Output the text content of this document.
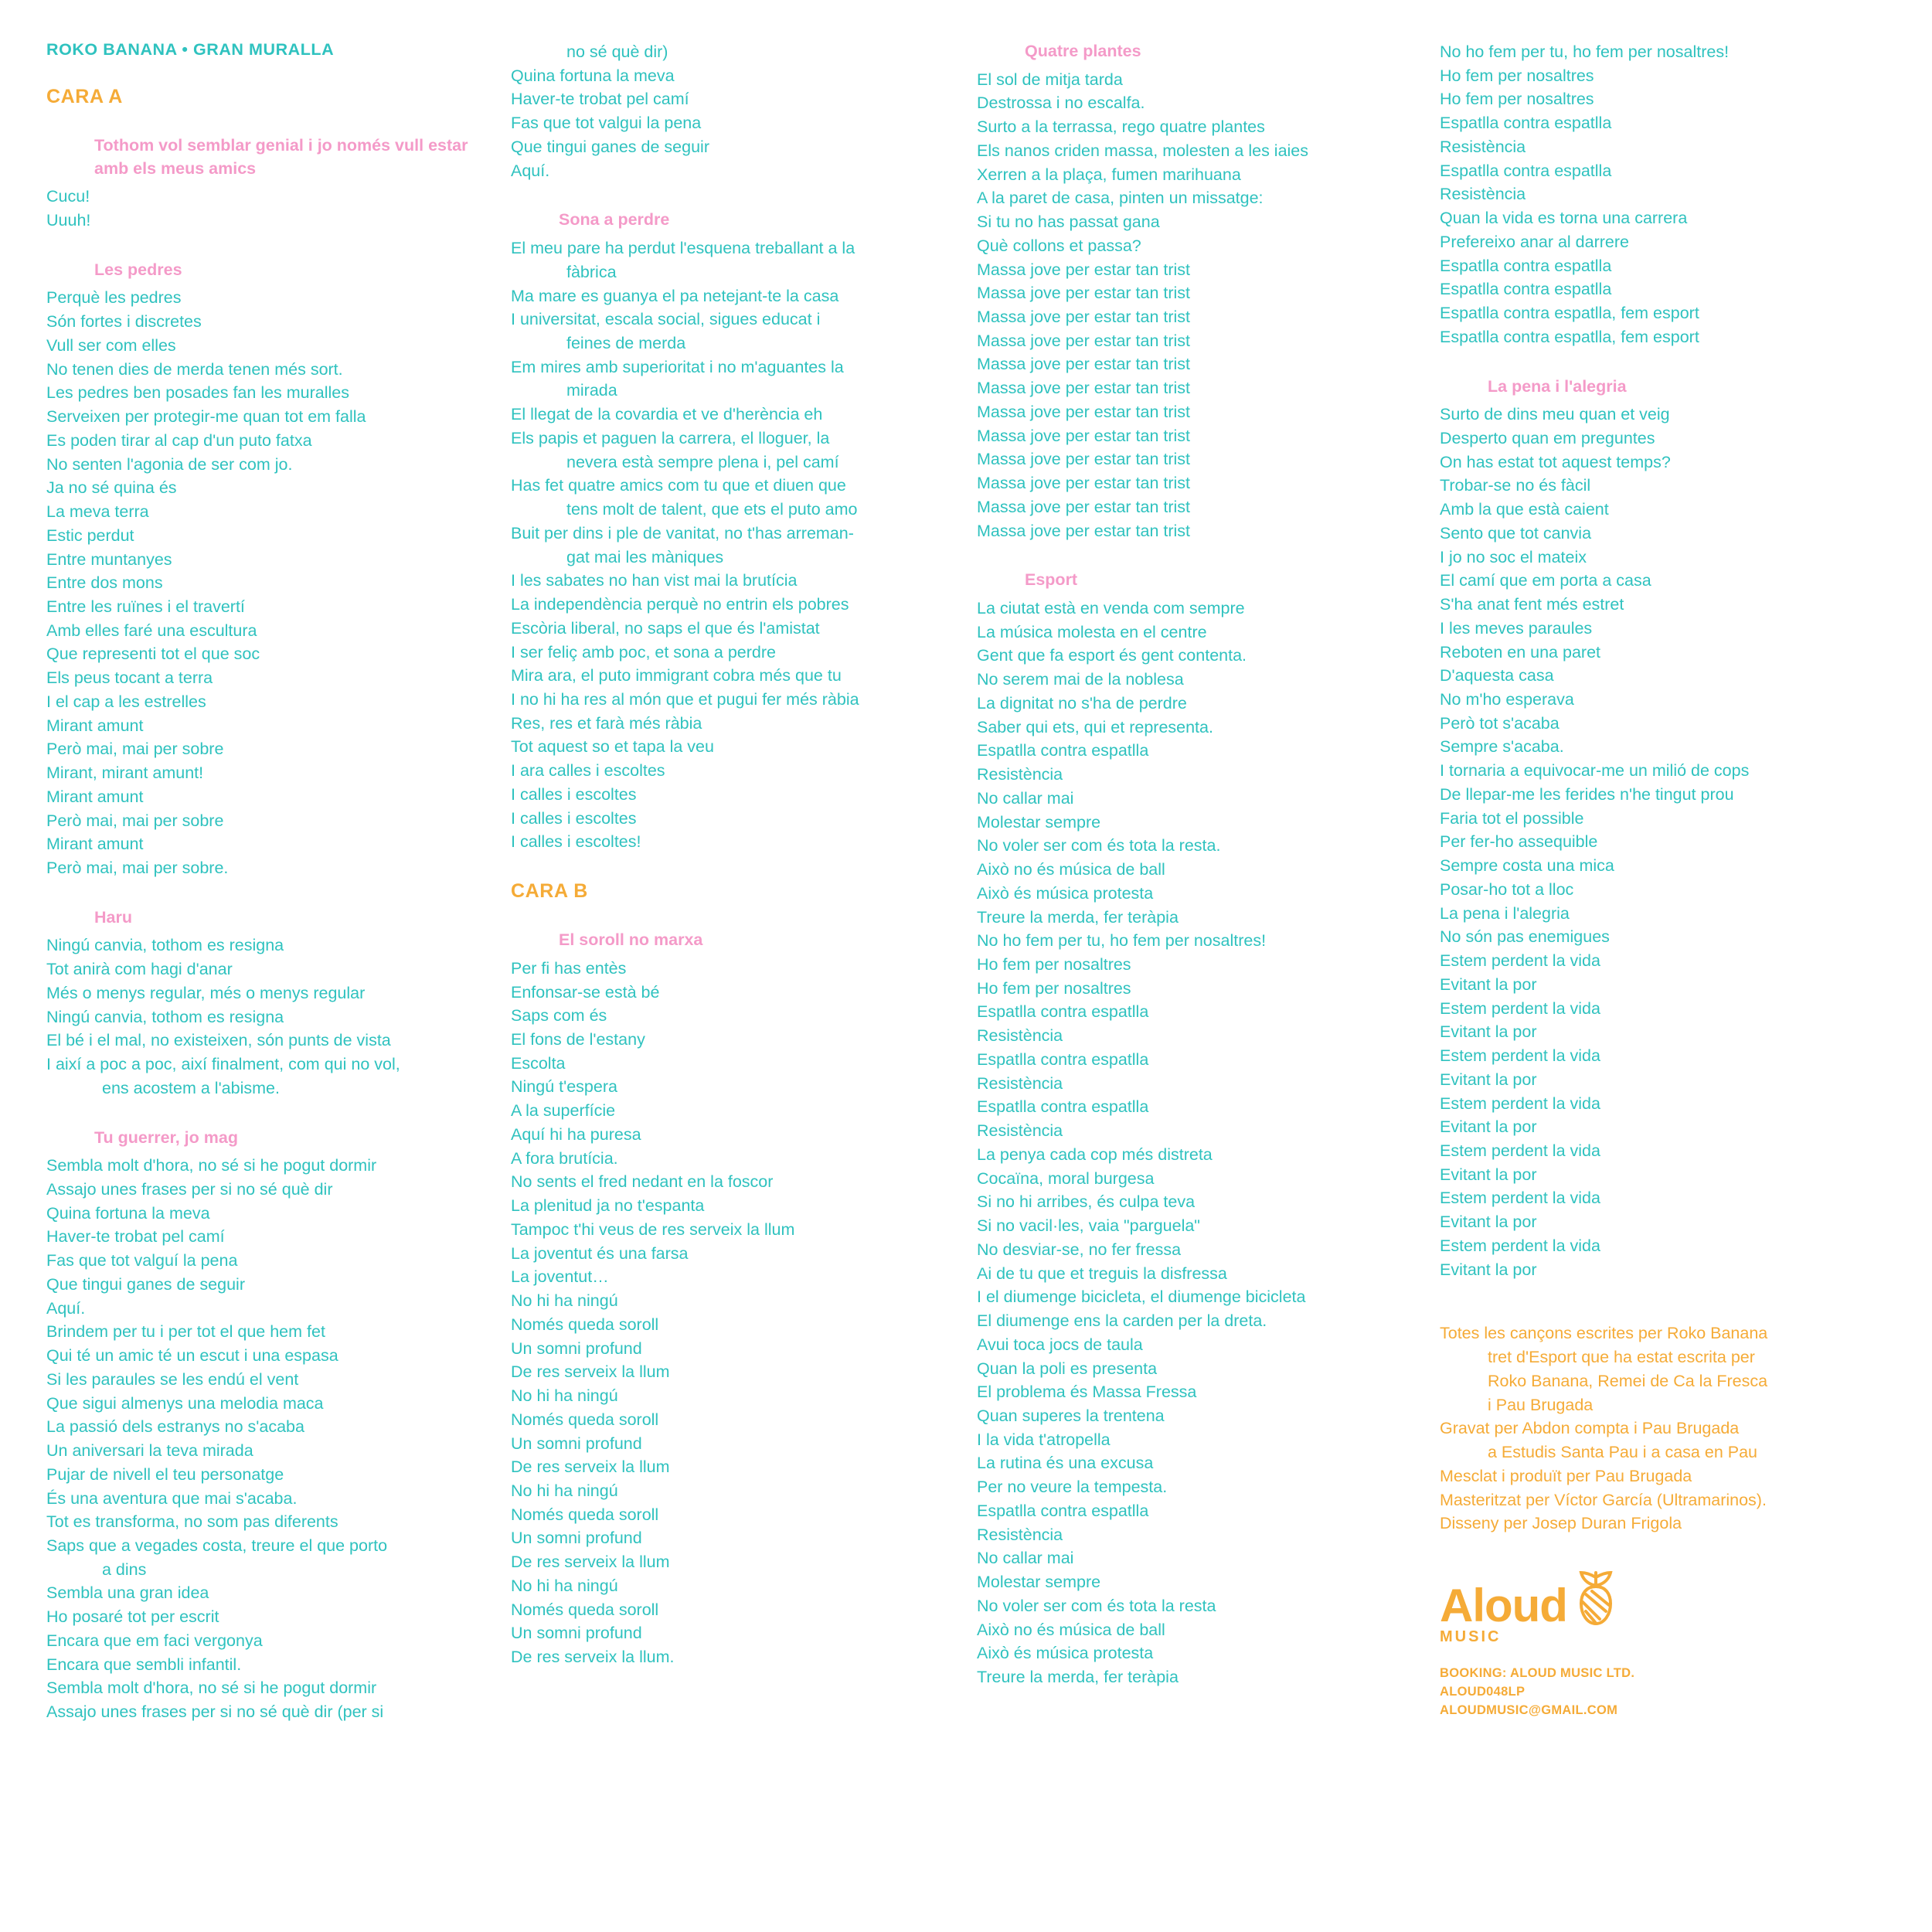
ROKO BANANA • GRAN MURALLA
CARA A
Tothom vol semblar genial i jo només vull estar amb els meus amics
Cucu!
Uuuh!
Les pedres
Perquè les pedres
Són fortes i discretes
Vull ser com elles
No tenen dies de merda tenen més sort.
Les pedres ben posades fan les muralles
Serveixen per protegir-me quan tot em falla
Es poden tirar al cap d'un puto fatxa
No senten l'agonia de ser com jo.
Ja no sé quina és
La meva terra
Estic perdut
Entre muntanyes
Entre dos mons
Entre les ruïnes i el travertí
Amb elles faré una escultura
Que representi tot el que soc
Els peus tocant a terra
I el cap a les estrelles
Mirant amunt
Però mai, mai per sobre
Mirant, mirant amunt!
Mirant amunt
Però mai, mai per sobre
Mirant amunt
Però mai, mai per sobre.
Haru
Ningú canvia, tothom es resigna
Tot anirà com hagi d'anar
Més o menys regular, més o menys regular
Ningú canvia, tothom es resigna
El bé i el mal, no existeixen, són punts de vista
I així a poc a poc, així finalment, com qui no vol,
ens acostem a l'abisme.
Tu guerrer, jo mag
Sembla molt d'hora, no sé si he pogut dormir
Assajo unes frases per si no sé què dir
Quina fortuna la meva
Haver-te trobat pel camí
Fas que tot valguí la pena
Que tingui ganes de seguir
Aquí.
Brindem per tu i per tot el que hem fet
Qui té un amic té un escut i una espasa
Si les paraules se les endú el vent
Que sigui almenys una melodia maca
La passió dels estranys no s'acaba
Un aniversari la teva mirada
Pujar de nivell el teu personatge
És una aventura que mai s'acaba.
Tot es transforma, no som pas diferents
Saps que a vegades costa, treure el que porto
a dins
Sembla una gran idea
Ho posaré tot per escrit
Encara que em faci vergonya
Encara que sembli infantil.
Sembla molt d'hora, no sé si he pogut dormir
Assajo unes frases per si no sé què dir (per si
no sé què dir)
Quina fortuna la meva
Haver-te trobat pel camí
Fas que tot valgui la pena
Que tingui ganes de seguir
Aquí.
Sona a perdre
El meu pare ha perdut l'esquena treballant a la
fàbrica
Ma mare es guanya el pa netejant-te la casa
I universitat, escala social, sigues educat i
feines de merda
Em mires amb superioritat i no m'aguantes la
mirada
El llegat de la covardia et ve d'herència eh
Els papis et paguen la carrera, el lloguer, la
nevera està sempre plena i, pel camí
Has fet quatre amics com tu que et diuen que
tens molt de talent, que ets el puto amo
Buit per dins i ple de vanitat, no t'has arreman-
gat mai les màniques
I les sabates no han vist mai la brutícia
La independència perquè no entrin els pobres
Escòria liberal, no saps el que és l'amistat
I ser feliç amb poc, et sona a perdre
Mira ara, el puto immigrant cobra més que tu
I no hi ha res al món que et pugui fer més ràbia
Res, res et farà més ràbia
Tot aquest so et tapa la veu
I ara calles i escoltes
I calles i escoltes
I calles i escoltes
I calles i escoltes!
CARA B
El soroll no marxa
Per fi has entès
Enfonsar-se està bé
Saps com és
El fons de l'estany
Escolta
Ningú t'espera
A la superfície
Aquí hi ha puresa
A fora brutícia.
No sents el fred nedant en la foscor
La plenitud ja no t'espanta
Tampoc t'hi veus de res serveix la llum
La joventut és una farsa
La joventut…
No hi ha ningú
Només queda soroll
Un somni profund
De res serveix la llum
No hi ha ningú
Només queda soroll
Un somni profund
De res serveix la llum
No hi ha ningú
Només queda soroll
Un somni profund
De res serveix la llum
No hi ha ningú
Només queda soroll
Un somni profund
De res serveix la llum.
Quatre plantes
El sol de mitja tarda
Destrossa i no escalfa.
Surto a la terrassa, rego quatre plantes
Els nanos criden massa, molesten a les iaies
Xerren a la plaça, fumen marihuana
A la paret de casa, pinten un missatge:
Si tu no has passat gana
Què collons et passa?
Massa jove per estar tan trist
Massa jove per estar tan trist
Massa jove per estar tan trist
Massa jove per estar tan trist
Massa jove per estar tan trist
Massa jove per estar tan trist
Massa jove per estar tan trist
Massa jove per estar tan trist
Massa jove per estar tan trist
Massa jove per estar tan trist
Massa jove per estar tan trist
Massa jove per estar tan trist
Esport
La ciutat està en venda com sempre
La música molesta en el centre
Gent que fa esport és gent contenta.
No serem mai de la noblesa
La dignitat no s'ha de perdre
Saber qui ets, qui et representa.
Espatlla contra espatlla
Resistència
No callar mai
Molestar sempre
No voler ser com és tota la resta.
Això no és música de ball
Això és música protesta
Treure la merda, fer teràpia
No ho fem per tu, ho fem per nosaltres!
Ho fem per nosaltres
Ho fem per nosaltres
Espatlla contra espatlla
Resistència
Espatlla contra espatlla
Resistència
Espatlla contra espatlla
Resistència
La penya cada cop més distreta
Cocaïna, moral burgesa
Si no hi arribes, és culpa teva
Si no vacil·les, vaia "parguela"
No desviar-se, no fer fressa
Ai de tu que et treguis la disfressa
I el diumenge bicicleta, el diumenge bicicleta
El diumenge ens la carden per la dreta.
Avui toca jocs de taula
Quan la poli es presenta
El problema és Massa Fressa
Quan superes la trentena
I la vida t'atropella
La rutina és una excusa
Per no veure la tempesta.
Espatlla contra espatlla
Resistència
No callar mai
Molestar sempre
No voler ser com és tota la resta
Això no és música de ball
Això és música protesta
Treure la merda, fer teràpia
No ho fem per tu, ho fem per nosaltres!
Ho fem per nosaltres
Ho fem per nosaltres
Espatlla contra espatlla
Resistència
Espatlla contra espatlla
Resistència
Quan la vida es torna una carrera
Prefereixo anar al darrere
Espatlla contra espatlla
Espatlla contra espatlla
Espatlla contra espatlla, fem esport
Espatlla contra espatlla, fem esport
La pena i l'alegria
Surto de dins meu quan et veig
Desperto quan em preguntes
On has estat tot aquest temps?
Trobar-se no és fàcil
Amb la que està caient
Sento que tot canvia
I jo no soc el mateix
El camí que em porta a casa
S'ha anat fent més estret
I les meves paraules
Reboten en una paret
D'aquesta casa
No m'ho esperava
Però tot s'acaba
Sempre s'acaba.
I tornaria a equivocar-me un milió de cops
De llepar-me les ferides n'he tingut prou
Faria tot el possible
Per fer-ho assequible
Sempre costa una mica
Posar-ho tot a lloc
La pena i l'alegria
No són pas enemigues
Estem perdent la vida
Evitant la por
Estem perdent la vida
Evitant la por
Estem perdent la vida
Evitant la por
Estem perdent la vida
Evitant la por
Estem perdent la vida
Evitant la por
Estem perdent la vida
Evitant la por
Estem perdent la vida
Evitant la por
Totes les cançons escrites per Roko Banana
tret d'Esport que ha estat escrita per
Roko Banana, Remei de Ca la Fresca
i Pau Brugada
Gravat per Abdon compta i Pau Brugada
a Estudis Santa Pau i a casa en Pau
Mesclat i produït per Pau Brugada
Masteritzat per Víctor García (Ultramarinos).
Disseny per Josep Duran Frigola
Aloud
MUSIC
BOOKING: ALOUD MUSIC LTD.
ALOUD048LP
ALOUDMUSIC@GMAIL.COM
